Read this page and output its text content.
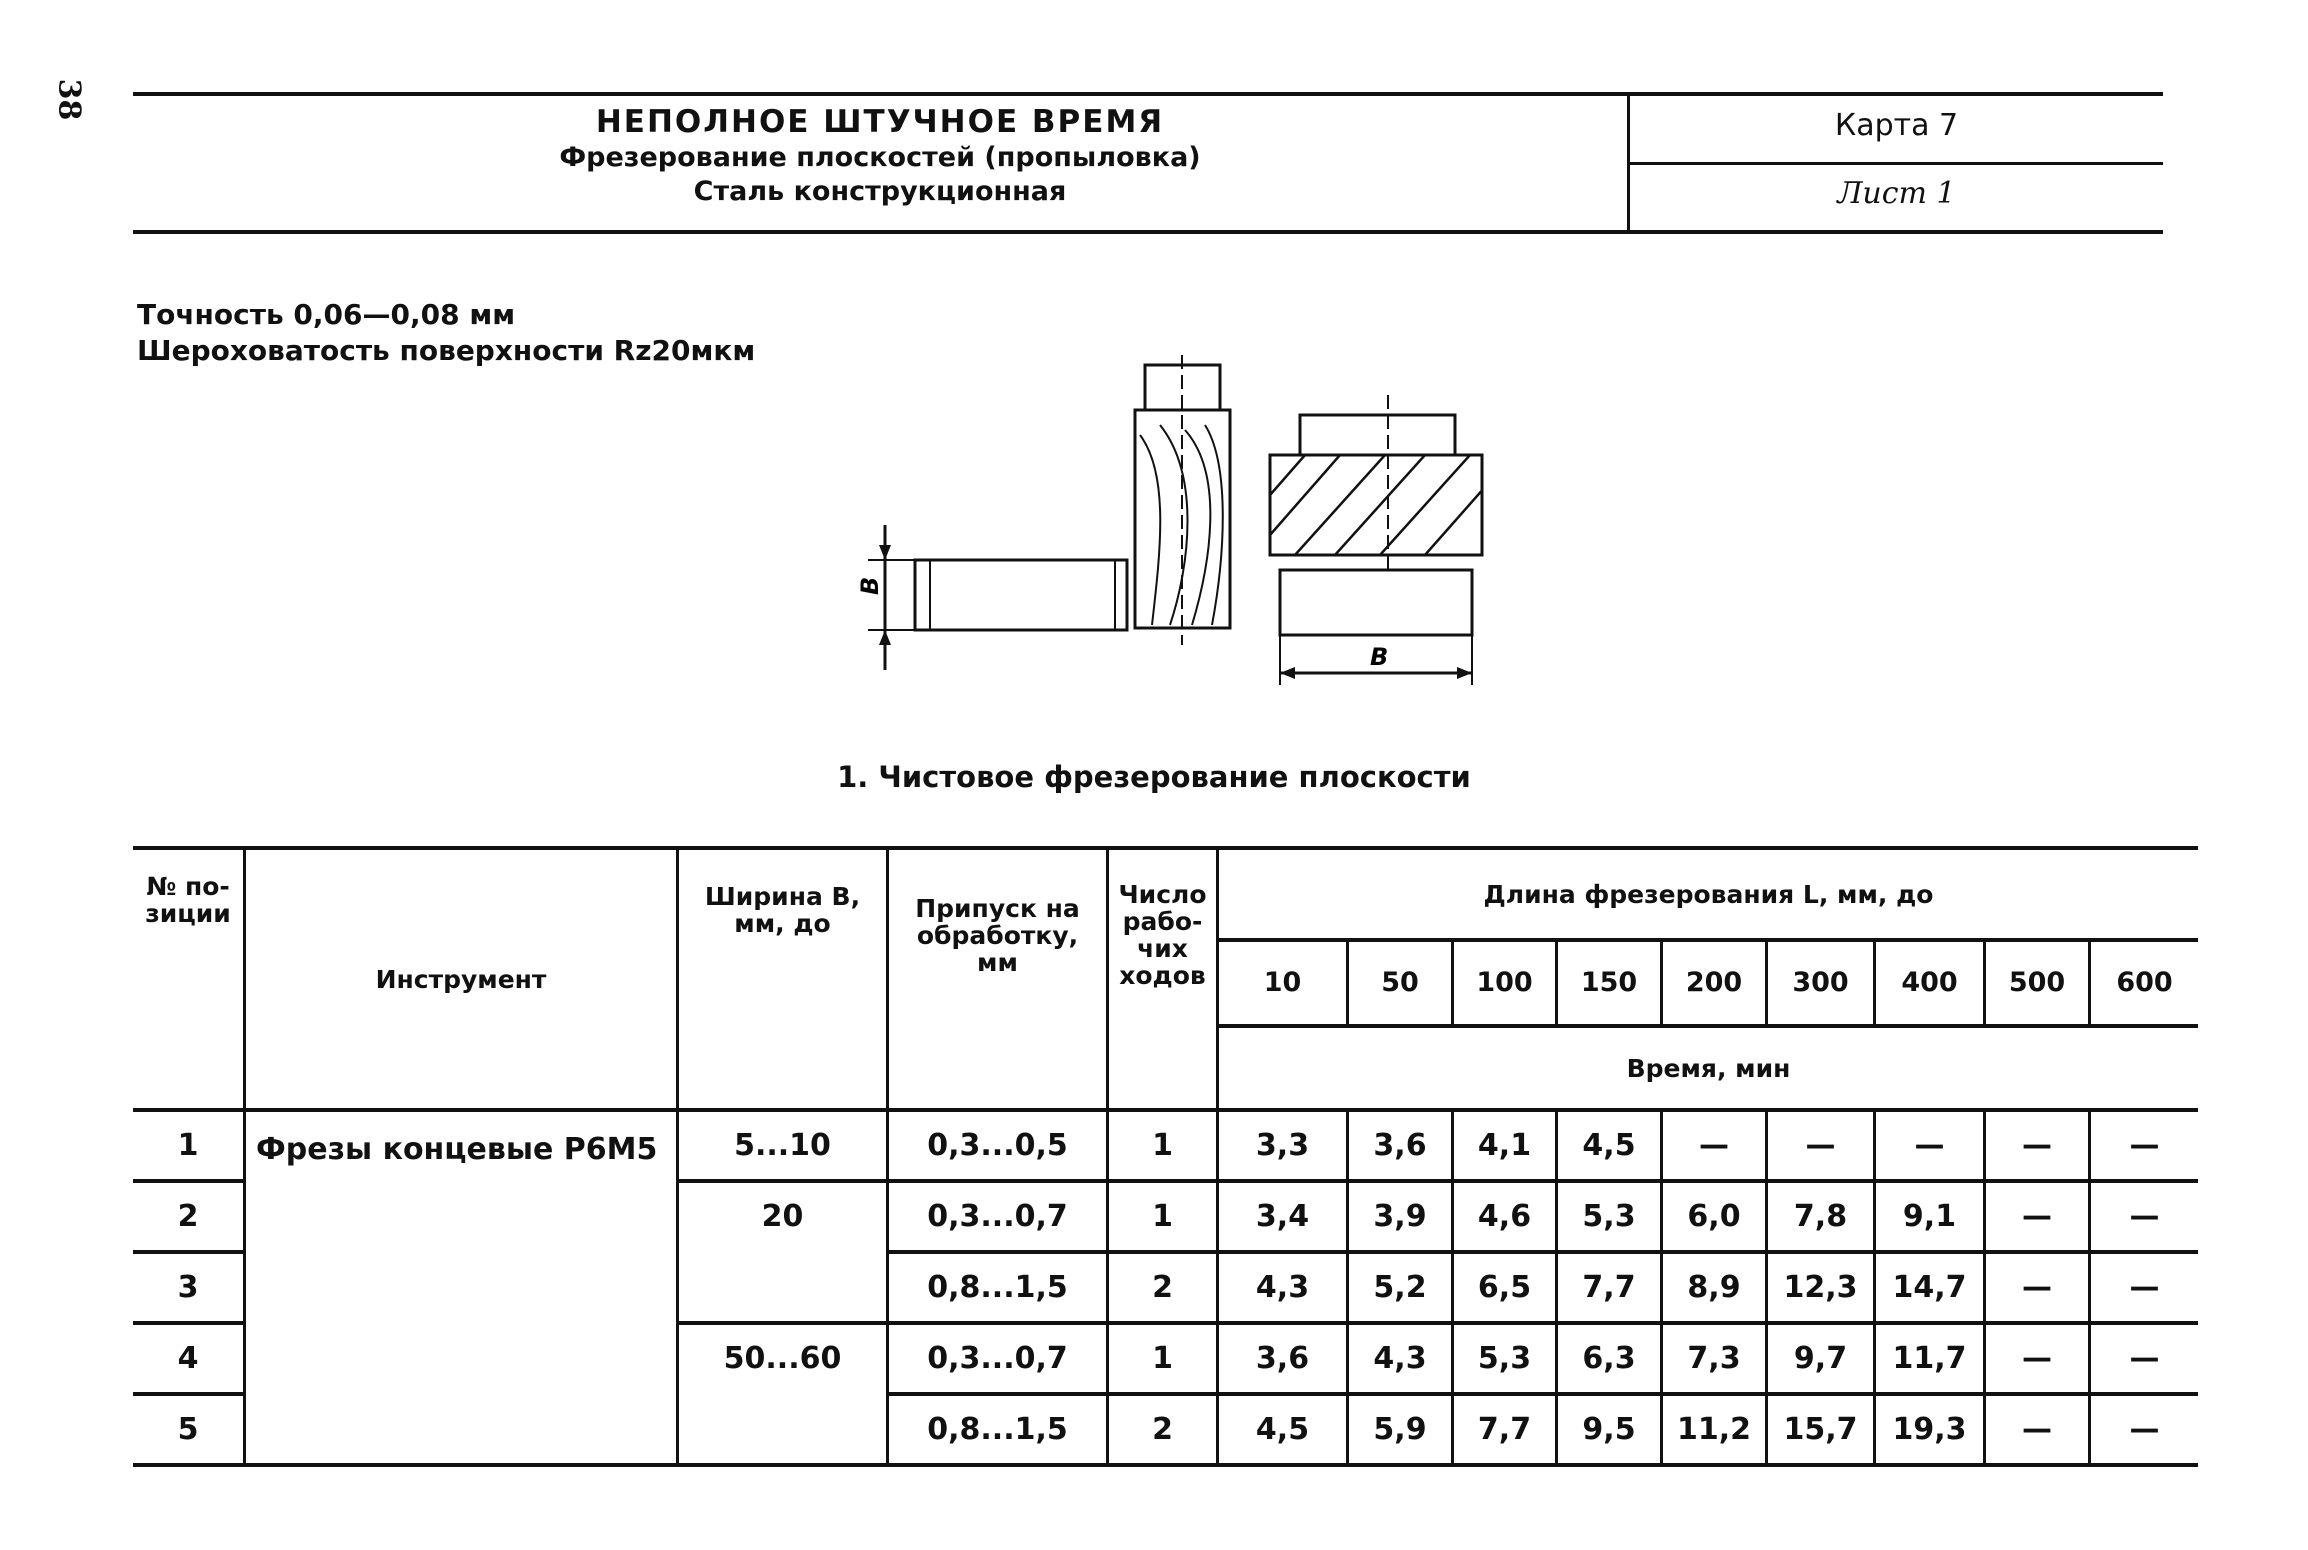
38
НЕПОЛНОЕ ШТУЧНОЕ ВРЕМЯ
Фрезерование плоскостей (пропыловка)
Сталь конструкционная
Карта 7
Лист 1
Точность 0,06—0,08 мм
Шероховатость поверхности Rz20мкм
В
В
1. Чистовое фрезерование плоскости
№ по-
зиции
Инструмент
Ширина В,
мм, до
Припуск на
обработку,
мм
Число
рабо-
чих
ходов
Длина фрезерования L, мм, до
Время, мин
10	50	100	150	200	300	400	500	600
Фрезы концевые Р6М5
1	5...10	0,3...0,5	1	3,3	3,6	4,1	4,5	—	—	—	—	—
2	20	0,3...0,7	1	3,4	3,9	4,6	5,3	6,0	7,8	9,1	—	—
3	0,8...1,5	2	4,3	5,2	6,5	7,7	8,9	12,3	14,7	—	—
4	50...60	0,3...0,7	1	3,6	4,3	5,3	6,3	7,3	9,7	11,7	—	—
5	0,8...1,5	2	4,5	5,9	7,7	9,5	11,2	15,7	19,3	—	—
